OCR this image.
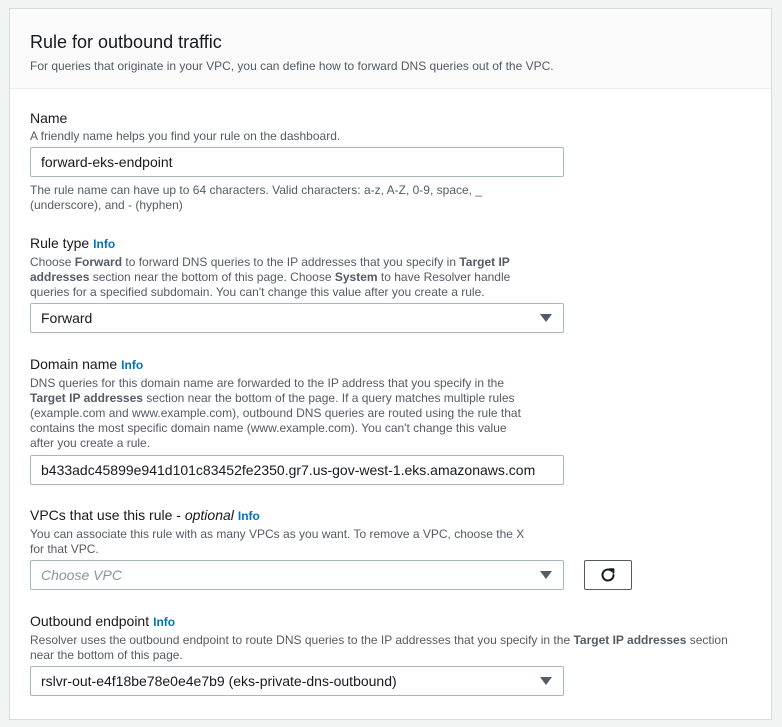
Rule for outbound traffic
For queries that originate in your VPC, you can define how to forward DNS queries out of the VPC.
Name
A friendly name helps you find your rule on the dashboard.
forward-eks-endpoint
The rule name can have up to 64 characters. Valid characters: a-z, A-Z, 0-9, space, _
(underscore), and - (hyphen)
Rule type Info
Choose Forward to forward DNS queries to the IP addresses that you specify in Target IP addresses section near the bottom of this page. Choose System to have Resolver handle queries for a specified subdomain. You can't change this value after you create a rule.
Forward
Domain name Info
DNS queries for this domain name are forwarded to the IP address that you specify in the Target IP addresses section near the bottom of the page. If a query matches multiple rules (example.com and www.example.com), outbound DNS queries are routed using the rule that contains the most specific domain name (www.example.com). You can't change this value after you create a rule.
b433adc45899e941d101c83452fe2350.gr7.us-gov-west-1.eks.amazonaws.com
VPCs that use this rule - optional Info
You can associate this rule with as many VPCs as you want. To remove a VPC, choose the X for that VPC.
Choose VPC
Outbound endpoint Info
Resolver uses the outbound endpoint to route DNS queries to the IP addresses that you specify in the Target IP addresses section near the bottom of this page.
rslvr-out-e4f18be78e0e4e7b9 (eks-private-dns-outbound)
